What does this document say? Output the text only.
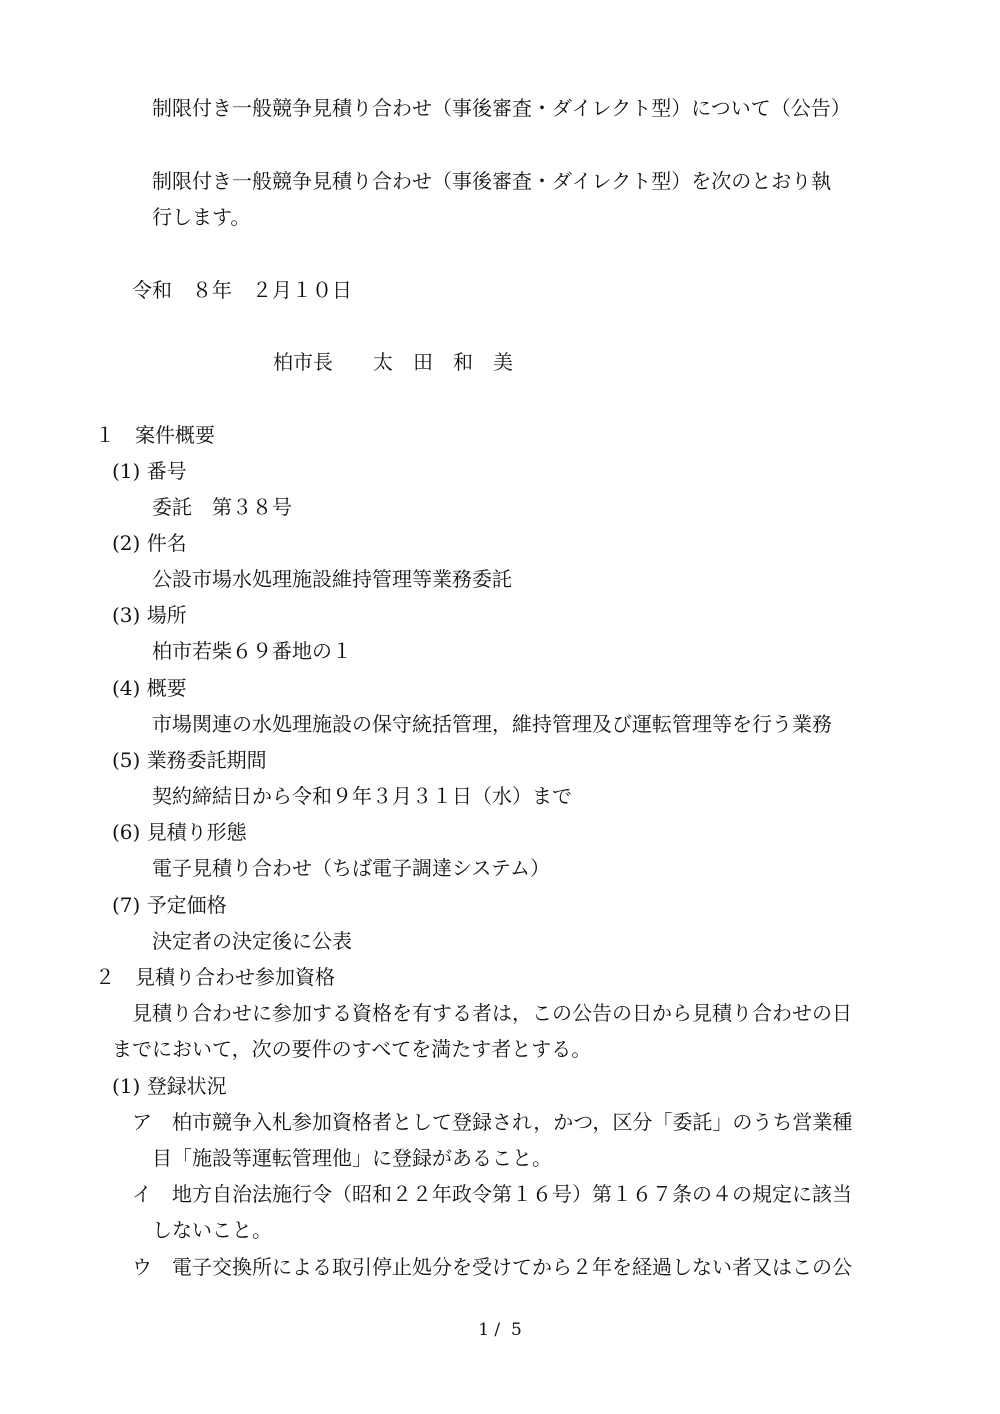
制限付き一般競争見積り合わせ（事後審査・ダイレクト型）について（公告）
制限付き一般競争見積り合わせ（事後審査・ダイレクト型）を次のとおり執
行します。
令和　８年　２月１０日
柏市長　　太　田　和　美
１　案件概要
(1) 番号
委託　第３８号
(2) 件名
公設市場水処理施設維持管理等業務委託
(3) 場所
柏市若柴６９番地の１
(4) 概要
市場関連の水処理施設の保守統括管理，維持管理及び運転管理等を行う業務
(5) 業務委託期間
契約締結日から令和９年３月３１日（水）まで
(6) 見積り形態
電子見積り合わせ（ちば電子調達システム）
(7) 予定価格
決定者の決定後に公表
２　見積り合わせ参加資格
見積り合わせに参加する資格を有する者は，この公告の日から見積り合わせの日
までにおいて，次の要件のすべてを満たす者とする。
(1) 登録状況
ア　柏市競争入札参加資格者として登録され，かつ，区分「委託」のうち営業種
目「施設等運転管理他」に登録があること。
イ　地方自治法施行令（昭和２２年政令第１６号）第１６７条の４の規定に該当
しないこと。
ウ　電子交換所による取引停止処分を受けてから２年を経過しない者又はこの公
1 /  5
